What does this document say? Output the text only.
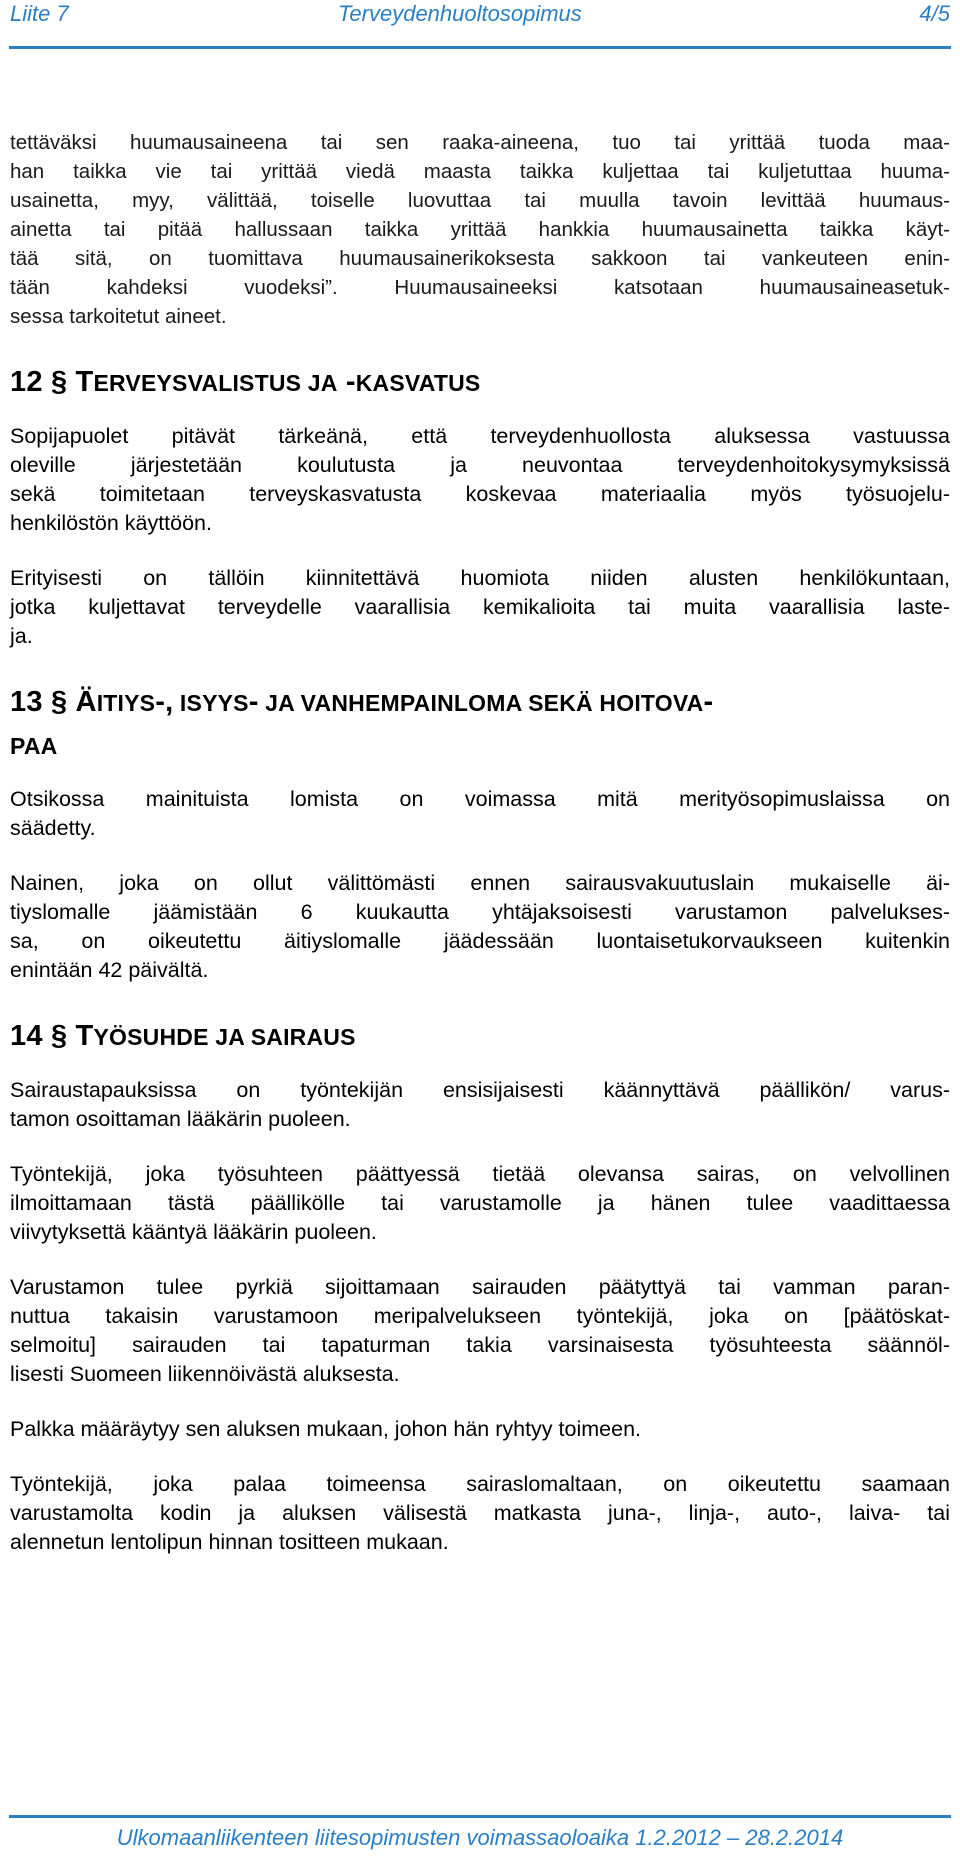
Liite 7	Terveydenhuoltosopimus	4/5

tettäväksi huumausaineena tai sen raaka-aineena, tuo tai yrittää tuoda maa-
han taikka vie tai yrittää viedä maasta taikka kuljettaa tai kuljetuttaa huuma-
usainetta, myy, välittää, toiselle luovuttaa tai muulla tavoin levittää huumaus-
ainetta tai pitää hallussaan taikka yrittää hankkia huumausainetta taikka käyt-
tää sitä, on tuomittava huumausainerikoksesta sakkoon tai vankeuteen enin-
tään kahdeksi vuodeksi”. Huumausaineeksi katsotaan huumausaineasetuk-
sessa tarkoitetut aineet.

12 § TERVEYSVALISTUS JA -KASVATUS

Sopijapuolet pitävät tärkeänä, että terveydenhuollosta aluksessa vastuussa
oleville järjestetään koulutusta ja neuvontaa terveydenhoitokysymyksissä
sekä toimitetaan terveyskasvatusta koskevaa materiaalia myös työsuojelu-
henkilöstön käyttöön.

Erityisesti on tällöin kiinnitettävä huomiota niiden alusten henkilökuntaan,
jotka kuljettavat terveydelle vaarallisia kemikalioita tai muita vaarallisia laste-
ja.

13 § ÄITIYS-, ISYYS- JA VANHEMPAINLOMA SEKÄ HOITOVA-
PAA

Otsikossa mainituista lomista on voimassa mitä merityösopimuslaissa on
säädetty.

Nainen, joka on ollut välittömästi ennen sairausvakuutuslain mukaiselle äi-
tiyslomalle jäämistään 6 kuukautta yhtäjaksoisesti varustamon palvelukses-
sa, on oikeutettu äitiyslomalle jäädessään luontaisetukorvaukseen kuitenkin
enintään 42 päivältä.

14 § TYÖSUHDE JA SAIRAUS

Sairaustapauksissa on työntekijän ensisijaisesti käännyttävä päällikön/ varus-
tamon osoittaman lääkärin puoleen.

Työntekijä, joka työsuhteen päättyessä tietää olevansa sairas, on velvollinen
ilmoittamaan tästä päällikölle tai varustamolle ja hänen tulee vaadittaessa
viivytyksettä kääntyä lääkärin puoleen.

Varustamon tulee pyrkiä sijoittamaan sairauden päätyttyä tai vamman paran-
nuttua takaisin varustamoon meripalvelukseen työntekijä, joka on [päätöskat-
selmoitu] sairauden tai tapaturman takia varsinaisesta työsuhteesta säännöl-
lisesti Suomeen liikennöivästä aluksesta.

Palkka määräytyy sen aluksen mukaan, johon hän ryhtyy toimeen.

Työntekijä, joka palaa toimeensa sairaslomaltaan, on oikeutettu saamaan
varustamolta kodin ja aluksen välisestä matkasta juna-, linja-, auto-, laiva- tai
alennetun lentolipun hinnan tositteen mukaan.

Ulkomaanliikenteen liitesopimusten voimassaoloaika 1.2.2012 – 28.2.2014
